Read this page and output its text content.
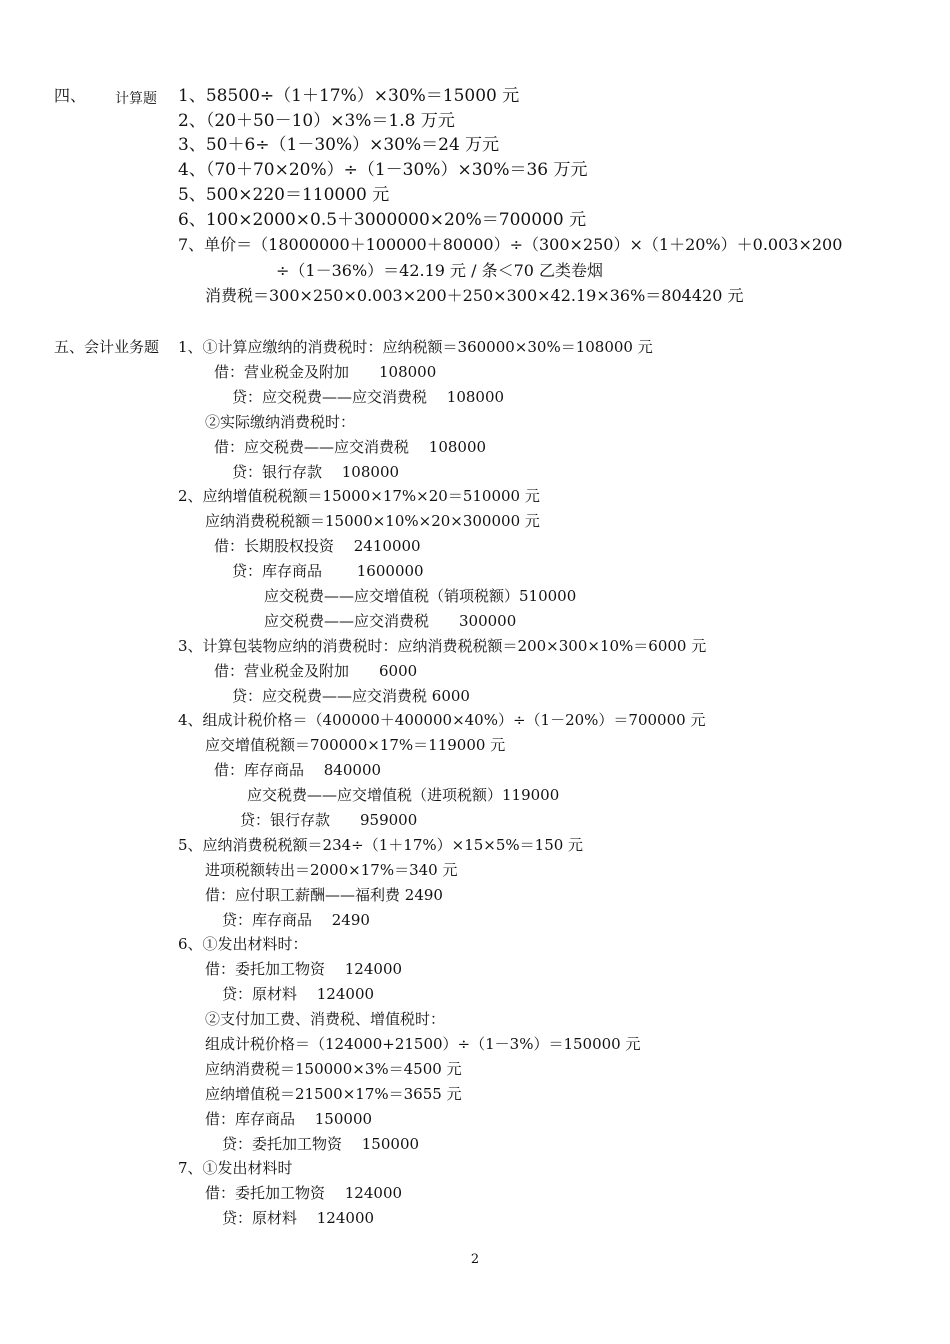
四、 计算题 1、58500÷（1＋17%）×30%＝15000 元
2、（20＋50－10）×3%＝1.8 万元
3、50＋6÷（1－30%）×30%＝24 万元
4、（70＋70×20%）÷（1－30%）×30%＝36 万元
5、500×220＝110000 元
6、100×2000×0.5＋3000000×20%＝700000 元
7、单价＝（18000000＋100000＋80000）÷（300×250）×（1＋20%）＋0.003×200
÷（1－36%）＝42.19 元 / 条＜70 乙类卷烟
消费税＝300×250×0.003×200＋250×300×42.19×36%＝804420 元
五、会计业务题 1、①计算应缴纳的消费税时：应纳税额＝360000×30%＝108000 元
借：营业税金及附加　　108000
贷：应交税费——应交消费税　 108000
②实际缴纳消费税时：
借：应交税费——应交消费税　 108000
贷：银行存款　 108000
2、应纳增值税税额＝15000×17%×20＝510000 元
应纳消费税税额＝15000×10%×20×300000 元
借：长期股权投资　 2410000
贷：库存商品　　 1600000
应交税费——应交增值税（销项税额）510000
应交税费——应交消费税　　300000
3、计算包装物应纳的消费税时：应纳消费税税额＝200×300×10%＝6000 元
借：营业税金及附加　　6000
贷：应交税费——应交消费税 6000
4、组成计税价格＝（400000＋400000×40%）÷（1－20%）＝700000 元
应交增值税额＝700000×17%＝119000 元
借：库存商品　 840000
应交税费——应交增值税（进项税额）119000
贷：银行存款　　959000
5、应纳消费税税额＝234÷（1＋17%）×15×5%＝150 元
进项税额转出＝2000×17%＝340 元
借：应付职工薪酬——福利费 2490
贷：库存商品　 2490
6、①发出材料时：
借：委托加工物资　 124000
贷：原材料　 124000
②支付加工费、消费税、增值税时：
组成计税价格＝（124000+21500）÷（1－3%）＝150000 元
应纳消费税＝150000×3%＝4500 元
应纳增值税＝21500×17%＝3655 元
借：库存商品　 150000
贷：委托加工物资　 150000
7、①发出材料时
借：委托加工物资　 124000
贷：原材料　 124000
2
